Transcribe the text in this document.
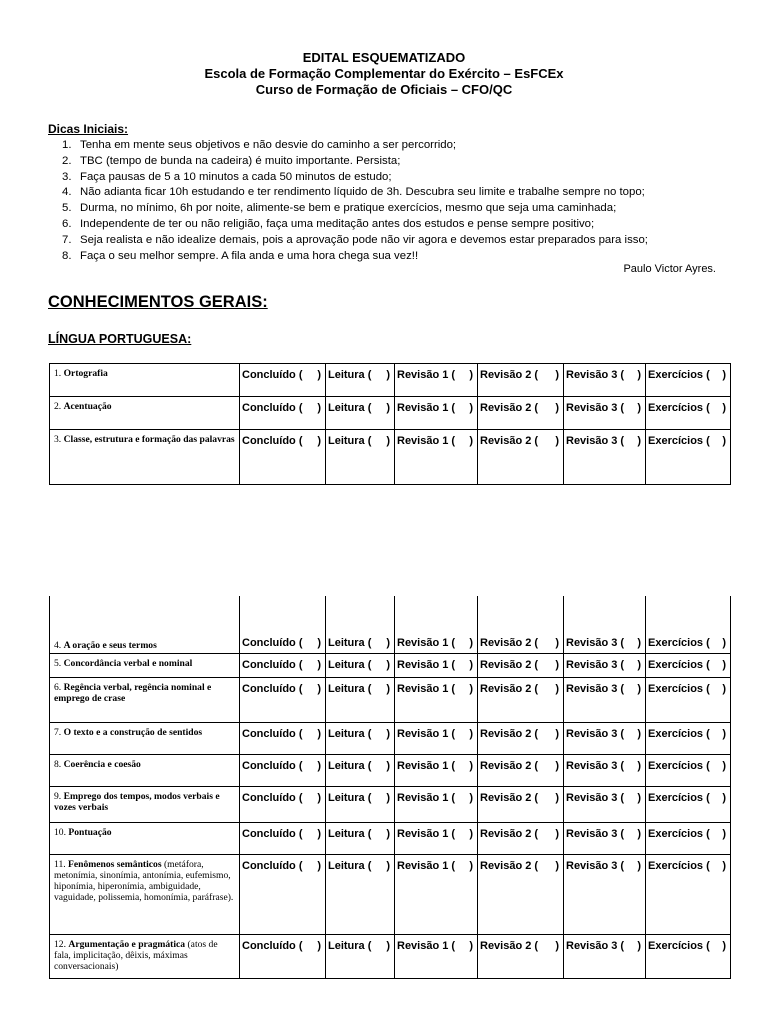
EDITAL ESQUEMATIZADO
Escola de Formação Complementar do Exército – EsFCEx
Curso de Formação de Oficiais – CFO/QC
Dicas Iniciais:
1. Tenha em mente seus objetivos e não desvie do caminho a ser percorrido;
2. TBC (tempo de bunda na cadeira) é muito importante. Persista;
3. Faça pausas de 5 a 10 minutos a cada 50 minutos de estudo;
4. Não adianta ficar 10h estudando e ter rendimento líquido de 3h. Descubra seu limite e trabalhe sempre no topo;
5. Durma, no mínimo, 6h por noite, alimente-se bem e pratique exercícios, mesmo que seja uma caminhada;
6. Independente de ter ou não religião, faça uma meditação antes dos estudos e pense sempre positivo;
7. Seja realista e não idealize demais, pois a aprovação pode não vir agora e devemos estar preparados para isso;
8. Faça o seu melhor sempre. A fila anda e uma hora chega sua vez!!
Paulo Victor Ayres.
CONHECIMENTOS GERAIS:
LÍNGUA PORTUGUESA:
1. Ortografia	Concluído ( )	Leitura ( )	Revisão 1 ( )	Revisão 2 ( )	Revisão 3 ( )	Exercícios ( )

2. Acentuação	Concluído ( )	Leitura ( )	Revisão 1 ( )	Revisão 2 ( )	Revisão 3 ( )	Exercícios ( )

3. Classe, estrutura e formação das palavras	Concluído ( )	Leitura ( )	Revisão 1 ( )	Revisão 2 ( )	Revisão 3 ( )	Exercícios ( )
4. A oração e seus termos	Concluído ( )	Leitura ( )	Revisão 1 ( )	Revisão 2 ( )	Revisão 3 ( )	Exercícios ( )

5. Concordância verbal e nominal	Concluído ( )	Leitura ( )	Revisão 1 ( )	Revisão 2 ( )	Revisão 3 ( )	Exercícios ( )

6. Regência verbal, regência nominal e emprego de crase	Concluído ( )	Leitura ( )	Revisão 1 ( )	Revisão 2 ( )	Revisão 3 ( )	Exercícios ( )

7. O texto e a construção de sentidos	Concluído ( )	Leitura ( )	Revisão 1 ( )	Revisão 2 ( )	Revisão 3 ( )	Exercícios ( )

8. Coerência e coesão	Concluído ( )	Leitura ( )	Revisão 1 ( )	Revisão 2 ( )	Revisão 3 ( )	Exercícios ( )

9. Emprego dos tempos, modos verbais e vozes verbais	Concluído ( )	Leitura ( )	Revisão 1 ( )	Revisão 2 ( )	Revisão 3 ( )	Exercícios ( )

10. Pontuação	Concluído ( )	Leitura ( )	Revisão 1 ( )	Revisão 2 ( )	Revisão 3 ( )	Exercícios ( )

11. Fenômenos semânticos (metáfora, metonímia, sinonímia, antonímia, eufemismo, hiponímia, hiperonímia, ambiguidade, vaguidade, polissemia, homonímia, paráfrase).	Concluído ( )	Leitura ( )	Revisão 1 ( )	Revisão 2 ( )	Revisão 3 ( )	Exercícios ( )

12. Argumentação e pragmática (atos de fala, implicitação, dêixis, máximas conversacionais)	Concluído ( )	Leitura ( )	Revisão 1 ( )	Revisão 2 ( )	Revisão 3 ( )	Exercícios ( )
